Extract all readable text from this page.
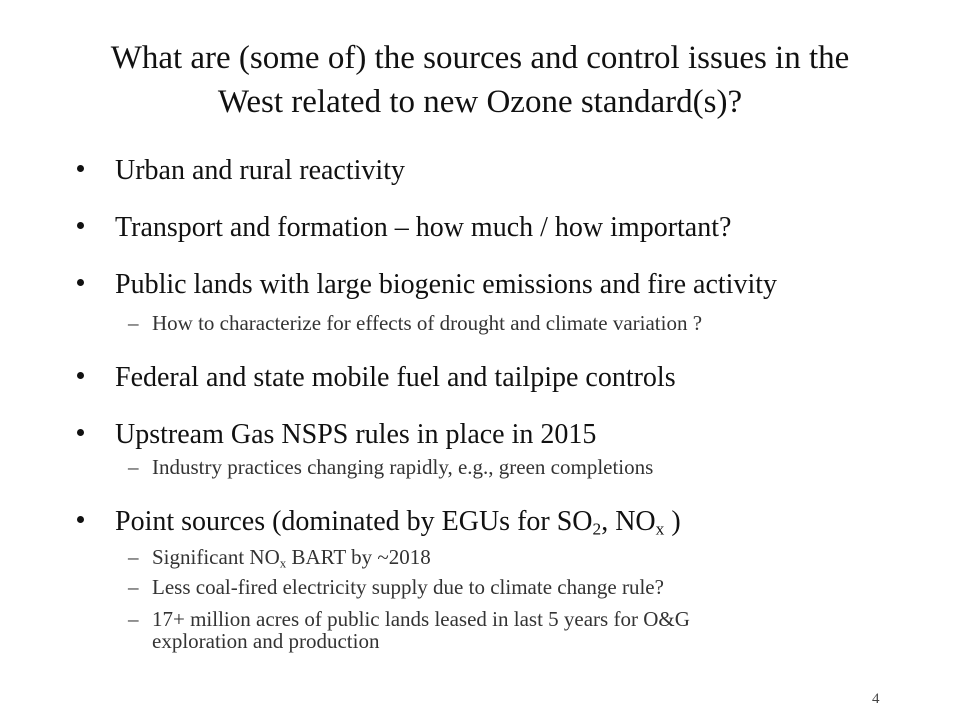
What are (some of) the sources and control issues in the
West related to new Ozone standard(s)?
Urban and rural reactivity
Transport and formation – how much / how important?
Public lands with large biogenic emissions and fire activity
– How to characterize for effects of drought and climate variation ?
Federal and state mobile fuel and tailpipe controls
Upstream Gas NSPS rules in place in 2015
– Industry practices changing rapidly, e.g., green completions
Point sources (dominated by EGUs for $SO_2$, $NO_x$ )
– Significant $NO_x$ BART by ~2018
– Less coal-fired electricity supply due to climate change rule?
– 17+ million acres of public lands leased in last 5 years for O&G
exploration and production
4
